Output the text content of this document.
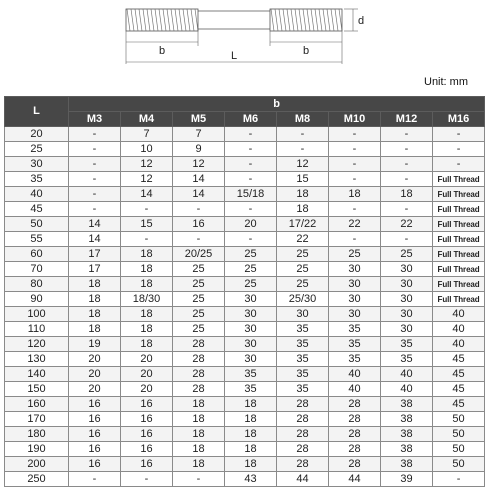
d
b	b
L
Unit: mm
L	b							
	M3	M4	M5	M6	M8	M10	M12	M16
20	-	7	7	-	-	-	-	-
25	-	10	9	-	-	-	-	-
30	-	12	12	-	12	-	-	-
35	-	12	14	-	15	-	-	Full Thread
40	-	14	14	15/18	18	18	18	Full Thread
45	-	-	-	-	18	-	-	Full Thread
50	14	15	16	20	17/22	22	22	Full Thread
55	14	-	-	-	22	-	-	Full Thread
60	17	18	20/25	25	25	25	25	Full Thread
70	17	18	25	25	25	30	30	Full Thread
80	18	18	25	25	25	30	30	Full Thread
90	18	18/30	25	30	25/30	30	30	Full Thread
100	18	18	25	30	30	30	30	40
110	18	18	25	30	35	35	30	40
120	19	18	28	30	35	35	35	40
130	20	20	28	30	35	35	35	45
140	20	20	28	35	35	40	40	45
150	20	20	28	35	35	40	40	45
160	16	16	18	18	28	28	38	45
170	16	16	18	18	28	28	38	50
180	16	16	18	18	28	28	38	50
190	16	16	18	18	28	28	38	50
200	16	16	18	18	28	28	38	50
250	-	-	-	43	44	44	39	-
